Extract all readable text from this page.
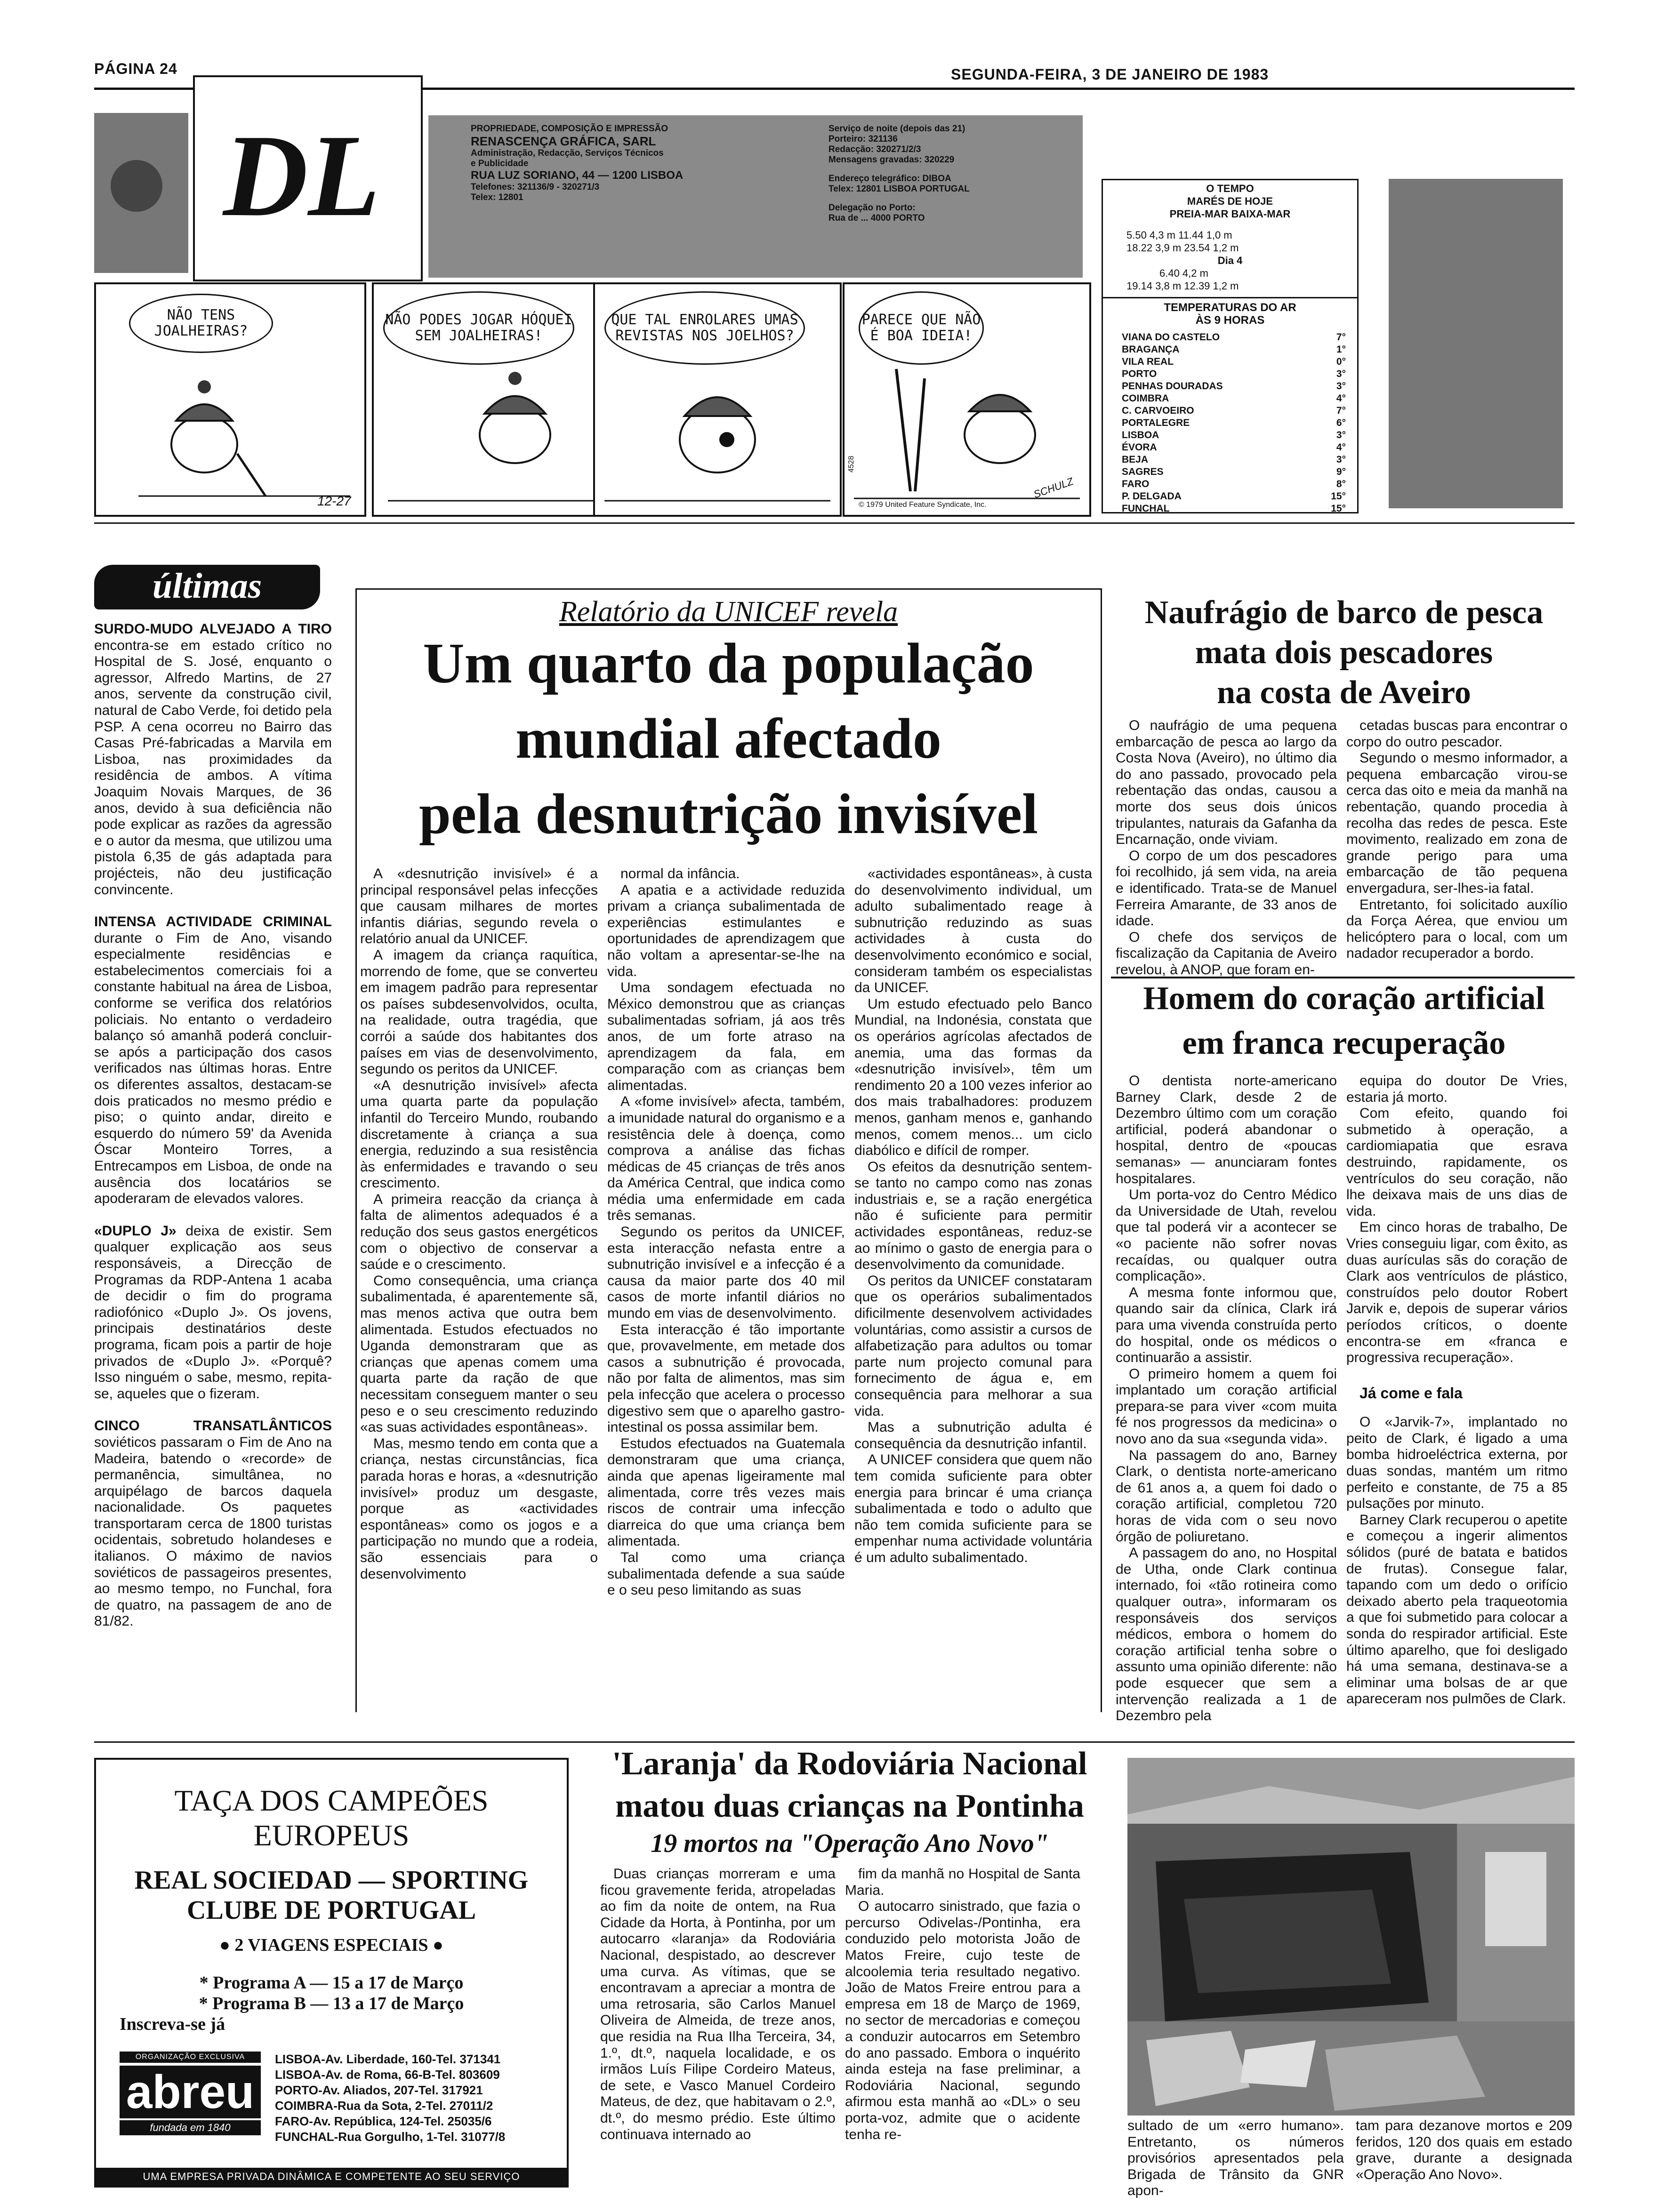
PÁGINA 24	SEGUNDA-FEIRA, 3 DE JANEIRO DE 1983
DL	PROPRIEDADE, COMPOSIÇÃO E IMPRESSÃO
RENASCENÇA GRÁFICA, SARL
Administração, Redacção, Serviços Técnicos
e Publicidade
RUA LUZ SORIANO, 44 — 1200 LISBOA
Telefones: 321136/9 - 320271/3
Telex: 12801
Serviço de noite (depois das 21)
Porteiro: 321136
Redacção: 320271/2/3
Mensagens gravadas: 320229
Endereço telegráfico: DIBOA
Telex: 12801 LISBOA PORTUGAL
Delegação no Porto:
Rua de ... 4000 PORTO
NÃO TENS JOALHEIRAS?
12-27
NÃO PODES JOGAR HÓQUEI SEM JOALHEIRAS!
QUE TAL ENROLARES UMAS REVISTAS NOS JOELHOS?
PARECE QUE NÃO É BOA IDEIA!
4528
© 1979 United Feature Syndicate, Inc.
SCHULZ
O TEMPO
MARÉS DE HOJE
PREIA-MAR BAIXA-MAR
5.50 4,3 m 11.44 1,0 m
18.22 3,9 m 23.54 1,2 m
Dia 4
6.40 4,2 m
19.14 3,8 m 12.39 1,2 m
TEMPERATURAS DO AR
ÀS 9 HORAS
VIANA DO CASTELO	7°
BRAGANÇA	1°
VILA REAL	0°
PORTO	3°
PENHAS DOURADAS	3°
COIMBRA	4°
C. CARVOEIRO	7°
PORTALEGRE	6°
LISBOA	3°
ÉVORA	4°
BEJA	3°
SAGRES	9°
FARO	8°
P. DELGADA	15°
FUNCHAL	15°
últimas
SURDO-MUDO ALVEJADO A TIRO encontra-se em estado crítico no Hospital de S. José, enquanto o agressor, Alfredo Martins, de 27 anos, servente da construção civil, natural de Cabo Verde, foi detido pela PSP. A cena ocorreu no Bairro das Casas Pré-fabricadas a Marvila em Lisboa, nas proximidades da residência de ambos. A vítima Joaquim Novais Marques, de 36 anos, devido à sua deficiência não pode explicar as razões da agressão e o autor da mesma, que utilizou uma pistola 6,35 de gás adaptada para projécteis, não deu justificação convincente.
INTENSA ACTIVIDADE CRIMINAL durante o Fim de Ano, visando especialmente residências e estabelecimentos comerciais foi a constante habitual na área de Lisboa, conforme se verifica dos relatórios policiais. No entanto o verdadeiro balanço só amanhã poderá concluir-se após a participação dos casos verificados nas últimas horas. Entre os diferentes assaltos, destacam-se dois praticados no mesmo prédio e piso; o quinto andar, direito e esquerdo do número 59' da Avenida Óscar Monteiro Torres, a Entrecampos em Lisboa, de onde na ausência dos locatários se apoderaram de elevados valores.
«DUPLO J» deixa de existir. Sem qualquer explicação aos seus responsáveis, a Direcção de Programas da RDP-Antena 1 acaba de decidir o fim do programa radiofónico «Duplo J». Os jovens, principais destinatários deste programa, ficam pois a partir de hoje privados de «Duplo J». «Porquê? Isso ninguém o sabe, mesmo, repita-se, aqueles que o fizeram.
CINCO TRANSATLÂNTICOS soviéticos passaram o Fim de Ano na Madeira, batendo o «recorde» de permanência, simultânea, no arquipélago de barcos daquela nacionalidade. Os paquetes transportaram cerca de 1800 turistas ocidentais, sobretudo holandeses e italianos. O máximo de navios soviéticos de passageiros presentes, ao mesmo tempo, no Funchal, fora de quatro, na passagem de ano de 81/82.
Relatório da UNICEF revela
Um quarto da população
mundial afectado
pela desnutrição invisível

A «desnutrição invisível» é a principal responsável pelas infecções que causam milhares de mortes infantis diárias, segundo revela o relatório anual da UNICEF.

A imagem da criança raquítica, morrendo de fome, que se converteu em imagem padrão para representar os países subdesenvolvidos, oculta, na realidade, outra tragédia, que corrói a saúde dos habitantes dos países em vias de desenvolvimento, segundo os peritos da UNICEF.

«A desnutrição invisível» afecta uma quarta parte da população infantil do Terceiro Mundo, roubando discretamente à criança a sua energia, reduzindo a sua resistência às enfermidades e travando o seu crescimento.

A primeira reacção da criança à falta de alimentos adequados é a redução dos seus gastos energéticos com o objectivo de conservar a saúde e o crescimento.

Como consequência, uma criança subalimentada, é aparentemente sã, mas menos activa que outra bem alimentada. Estudos efectuados no Uganda demonstraram que as crianças que apenas comem uma quarta parte da ração de que necessitam conseguem manter o seu peso e o seu crescimento reduzindo «as suas actividades espontâneas».

Mas, mesmo tendo em conta que a criança, nestas circunstâncias, fica parada horas e horas, a «desnutrição invisível» produz um desgaste, porque as «actividades espontâneas» como os jogos e a participação no mundo que a rodeia, são essenciais para o desenvolvimento

normal da infância.

A apatia e a actividade reduzida privam a criança subalimentada de experiências estimulantes e oportunidades de aprendizagem que não voltam a apresentar-se-lhe na vida.

Uma sondagem efectuada no México demonstrou que as crianças subalimentadas sofriam, já aos três anos, de um forte atraso na aprendizagem da fala, em comparação com as crianças bem alimentadas.

A «fome invisível» afecta, também, a imunidade natural do organismo e a resistência dele à doença, como comprova a análise das fichas médicas de 45 crianças de três anos da América Central, que indica como média uma enfermidade em cada três semanas.

Segundo os peritos da UNICEF, esta interacção nefasta entre a subnutrição invisível e a infecção é a causa da maior parte dos 40 mil casos de morte infantil diários no mundo em vias de desenvolvimento.

Esta interacção é tão importante que, provavelmente, em metade dos casos a subnutrição é provocada, não por falta de alimentos, mas sim pela infecção que acelera o processo digestivo sem que o aparelho gastro-intestinal os possa assimilar bem.

Estudos efectuados na Guatemala demonstraram que uma criança, ainda que apenas ligeiramente mal alimentada, corre três vezes mais riscos de contrair uma infecção diarreica do que uma criança bem alimentada.

Tal como uma criança subalimentada defende a sua saúde e o seu peso limitando as suas

«actividades espontâneas», à custa do desenvolvimento individual, um adulto subalimentado reage à subnutrição reduzindo as suas actividades à custa do desenvolvimento económico e social, consideram também os especialistas da UNICEF.

Um estudo efectuado pelo Banco Mundial, na Indonésia, constata que os operários agrícolas afectados de anemia, uma das formas da «desnutrição invisível», têm um rendimento 20 a 100 vezes inferior ao dos mais trabalhadores: produzem menos, ganham menos e, ganhando menos, comem menos... um ciclo diabólico e difícil de romper.

Os efeitos da desnutrição sentem-se tanto no campo como nas zonas industriais e, se a ração energética não é suficiente para permitir actividades espontâneas, reduz-se ao mínimo o gasto de energia para o desenvolvimento da comunidade.

Os peritos da UNICEF constataram que os operários subalimentados dificilmente desenvolvem actividades voluntárias, como assistir a cursos de alfabetização para adultos ou tomar parte num projecto comunal para fornecimento de água e, em consequência para melhorar a sua vida.

Mas a subnutrição adulta é consequência da desnutrição infantil.

A UNICEF considera que quem não tem comida suficiente para obter energia para brincar é uma criança subalimentada e todo o adulto que não tem comida suficiente para se empenhar numa actividade voluntária é um adulto subalimentado.

Naufrágio de barco de pesca
mata dois pescadores
na costa de Aveiro

O naufrágio de uma pequena embarcação de pesca ao largo da Costa Nova (Aveiro), no último dia do ano passado, provocado pela rebentação das ondas, causou a morte dos seus dois únicos tripulantes, naturais da Gafanha da Encarnação, onde viviam.

O corpo de um dos pescadores foi recolhido, já sem vida, na areia e identificado. Trata-se de Manuel Ferreira Amarante, de 33 anos de idade.

O chefe dos serviços de fiscalização da Capitania de Aveiro revelou, à ANOP, que foram en-

cetadas buscas para encontrar o corpo do outro pescador.

Segundo o mesmo informador, a pequena embarcação virou-se cerca das oito e meia da manhã na rebentação, quando procedia à recolha das redes de pesca. Este movimento, realizado em zona de grande perigo para uma embarcação de tão pequena envergadura, ser-lhes-ia fatal.

Entretanto, foi solicitado auxílio da Força Aérea, que enviou um helicóptero para o local, com um nadador recuperador a bordo.

Homem do coração artificial
em franca recuperação

O dentista norte-americano Barney Clark, desde 2 de Dezembro último com um coração artificial, poderá abandonar o hospital, dentro de «poucas semanas» — anunciaram fontes hospitalares.

Um porta-voz do Centro Médico da Universidade de Utah, revelou que tal poderá vir a acontecer se «o paciente não sofrer novas recaídas, ou qualquer outra complicação».

A mesma fonte informou que, quando sair da clínica, Clark irá para uma vivenda construída perto do hospital, onde os médicos o continuarão a assistir.

O primeiro homem a quem foi implantado um coração artificial prepara-se para viver «com muita fé nos progressos da medicina» o novo ano da sua «segunda vida».

Na passagem do ano, Barney Clark, o dentista norte-americano de 61 anos a, a quem foi dado o coração artificial, completou 720 horas de vida com o seu novo órgão de poliuretano.

A passagem do ano, no Hospital de Utha, onde Clark continua internado, foi «tão rotineira como qualquer outra», informaram os responsáveis dos serviços médicos, embora o homem do coração artificial tenha sobre o assunto uma opinião diferente: não pode esquecer que sem a intervenção realizada a 1 de Dezembro pela

equipa do doutor De Vries, estaria já morto.

Com efeito, quando foi submetido à operação, a cardiomiapatia que esrava destruindo, rapidamente, os ventrículos do seu coração, não lhe deixava mais de uns dias de vida.

Em cinco horas de trabalho, De Vries conseguiu ligar, com êxito, as duas aurículas sãs do coração de Clark aos ventrículos de plástico, construídos pelo doutor Robert Jarvik e, depois de superar vários períodos críticos, o doente encontra-se em «franca e progressiva recuperação».

Já come e fala

O «Jarvik-7», implantado no peito de Clark, é ligado a uma bomba hidroeléctrica externa, por duas sondas, mantém um ritmo perfeito e constante, de 75 a 85 pulsações por minuto.

Barney Clark recuperou o apetite e começou a ingerir alimentos sólidos (puré de batata e batidos de frutas). Consegue falar, tapando com um dedo o orifício deixado aberto pela traqueotomia a que foi submetido para colocar a sonda do respirador artificial. Este último aparelho, que foi desligado há uma semana, destinava-se a eliminar uma bolsas de ar que apareceram nos pulmões de Clark.

TAÇA DOS CAMPEÕES
EUROPEUS
REAL SOCIEDAD — SPORTING
CLUBE DE PORTUGAL
● 2 VIAGENS ESPECIAIS ●
* Programa A — 15 a 17 de Março
* Programa B — 13 a 17 de Março
Inscreva-se já
ORGANIZAÇÃO EXCLUSIVA
abreu
fundada em 1840
LISBOA-Av. Liberdade, 160-Tel. 371341
LISBOA-Av. de Roma, 66-B-Tel. 803609
PORTO-Av. Aliados, 207-Tel. 317921
COIMBRA-Rua da Sota, 2-Tel. 27011/2
FARO-Av. República, 124-Tel. 25035/6
FUNCHAL-Rua Gorgulho, 1-Tel. 31077/8
UMA EMPRESA PRIVADA DINÂMICA E COMPETENTE AO SEU SERVIÇO
'Laranja' da Rodoviária Nacional
matou duas crianças na Pontinha
19 mortos na "Operação Ano Novo"

Duas crianças morreram e uma ficou gravemente ferida, atropeladas ao fim da noite de ontem, na Rua Cidade da Horta, à Pontinha, por um autocarro «laranja» da Rodoviária Nacional, despistado, ao descrever uma curva. As vítimas, que se encontravam a apreciar a montra de uma retrosaria, são Carlos Manuel Oliveira de Almeida, de treze anos, que residia na Rua Ilha Terceira, 34, 1.º, dt.º, naquela localidade, e os irmãos Luís Filipe Cordeiro Mateus, de sete, e Vasco Manuel Cordeiro Mateus, de dez, que habitavam o 2.º, dt.º, do mesmo prédio. Este último continuava internado ao

fim da manhã no Hospital de Santa Maria.

O autocarro sinistrado, que fazia o percurso Odivelas-/Pontinha, era conduzido pelo motorista João de Matos Freire, cujo teste de alcoolemia teria resultado negativo. João de Matos Freire entrou para a empresa em 18 de Março de 1969, no sector de mercadorias e começou a conduzir autocarros em Setembro do ano passado. Embora o inquérito ainda esteja na fase preliminar, a Rodoviária Nacional, segundo afirmou esta manhã ao «DL» o seu porta-voz, admite que o acidente tenha re-

sultado de um «erro humano». Entretanto, os números provisórios apresentados pela Brigada de Trânsito da GNR apon-

tam para dezanove mortos e 209 feridos, 120 dos quais em estado grave, durante a designada «Operação Ano Novo».
